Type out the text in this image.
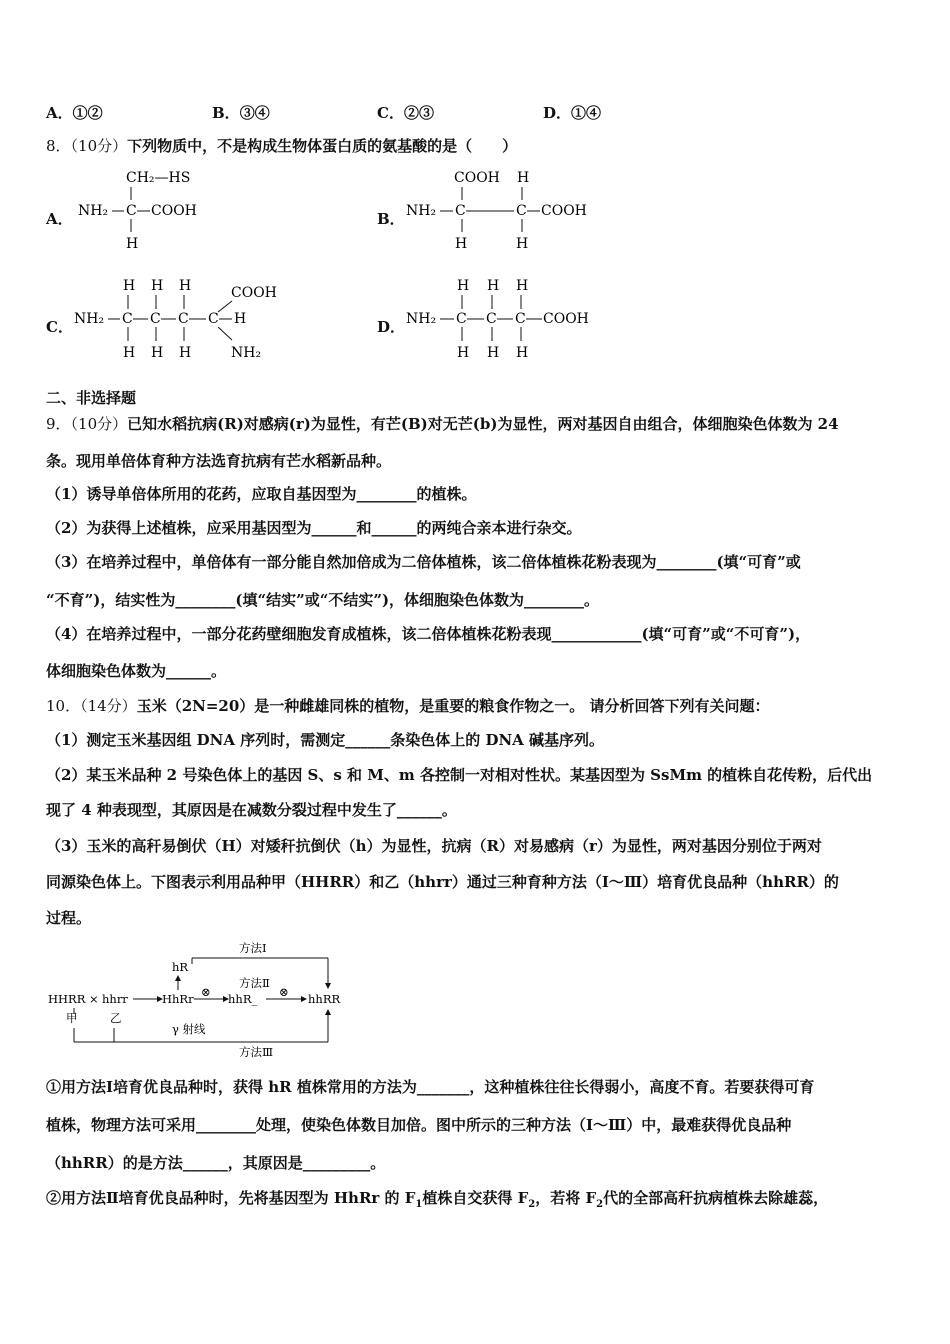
A．①②	B．③④	C．②③	D．①④
8．（10分）下列物质中，不是构成生物体蛋白质的氨基酸的是（　　）
A．	B．
C．	D．
CH₂—HS
NH₂ C COOH
H
COOH H
NH₂ C	C COOH
H	H
H H H	COOH
NH₂ C C C C H
H H H	NH₂
H H H
NH₂ C C C COOH
H H H
二、非选择题
9．（10分）已知水稻抗病(R)对感病(r)为显性，有芒(B)对无芒(b)为显性，两对基因自由组合，体细胞染色体数为 24
条。现用单倍体育种方法选育抗病有芒水稻新品种。
（1）诱导单倍体所用的花药，应取自基因型为________的植株。
（2）为获得上述植株，应采用基因型为______和______的两纯合亲本进行杂交。
（3）在培养过程中，单倍体有一部分能自然加倍成为二倍体植株，该二倍体植株花粉表现为________(填“可育”或
“不育”)，结实性为________(填“结实”或“不结实”)，体细胞染色体数为________。
（4）在培养过程中，一部分花药壁细胞发育成植株，该二倍体植株花粉表现____________(填“可育”或“不可育”)，
体细胞染色体数为______。
10．（14分）玉米（2N=20）是一种雌雄同株的植物，是重要的粮食作物之一。 请分析回答下列有关问题：
（1）测定玉米基因组 DNA 序列时，需测定______条染色体上的 DNA 碱基序列。
（2）某玉米品种 2 号染色体上的基因 S、s 和 M、m 各控制一对相对性状。某基因型为 SsMm 的植株自花传粉，后代出
现了 4 种表现型，其原因是在减数分裂过程中发生了______。
（3）玉米的高秆易倒伏（H）对矮秆抗倒伏（h）为显性，抗病（R）对易感病（r）为显性，两对基因分别位于两对
同源染色体上。下图表示利用品种甲（HHRR）和乙（hhrr）通过三种育种方法（Ⅰ～Ⅲ）培育优良品种（hhRR）的
过程。
方法Ⅰ
hR
方法Ⅱ
HHRR × hhrr	HhRr ⊗ hhR_ ⊗ hhRR
甲	乙
γ 射线
方法Ⅲ
①用方法Ⅰ培育优良品种时，获得 hR 植株常用的方法为_______，这种植株往往长得弱小，高度不育。若要获得可育
植株，物理方法可采用________处理，使染色体数目加倍。图中所示的三种方法（Ⅰ～Ⅲ）中，最难获得优良品种
（hhRR）的是方法______，其原因是_________。
②用方法Ⅱ培育优良品种时，先将基因型为 HhRr 的 $F_1$植株自交获得 $F_2$，若将 $F_2$代的全部高秆抗病植株去除雄蕊，
